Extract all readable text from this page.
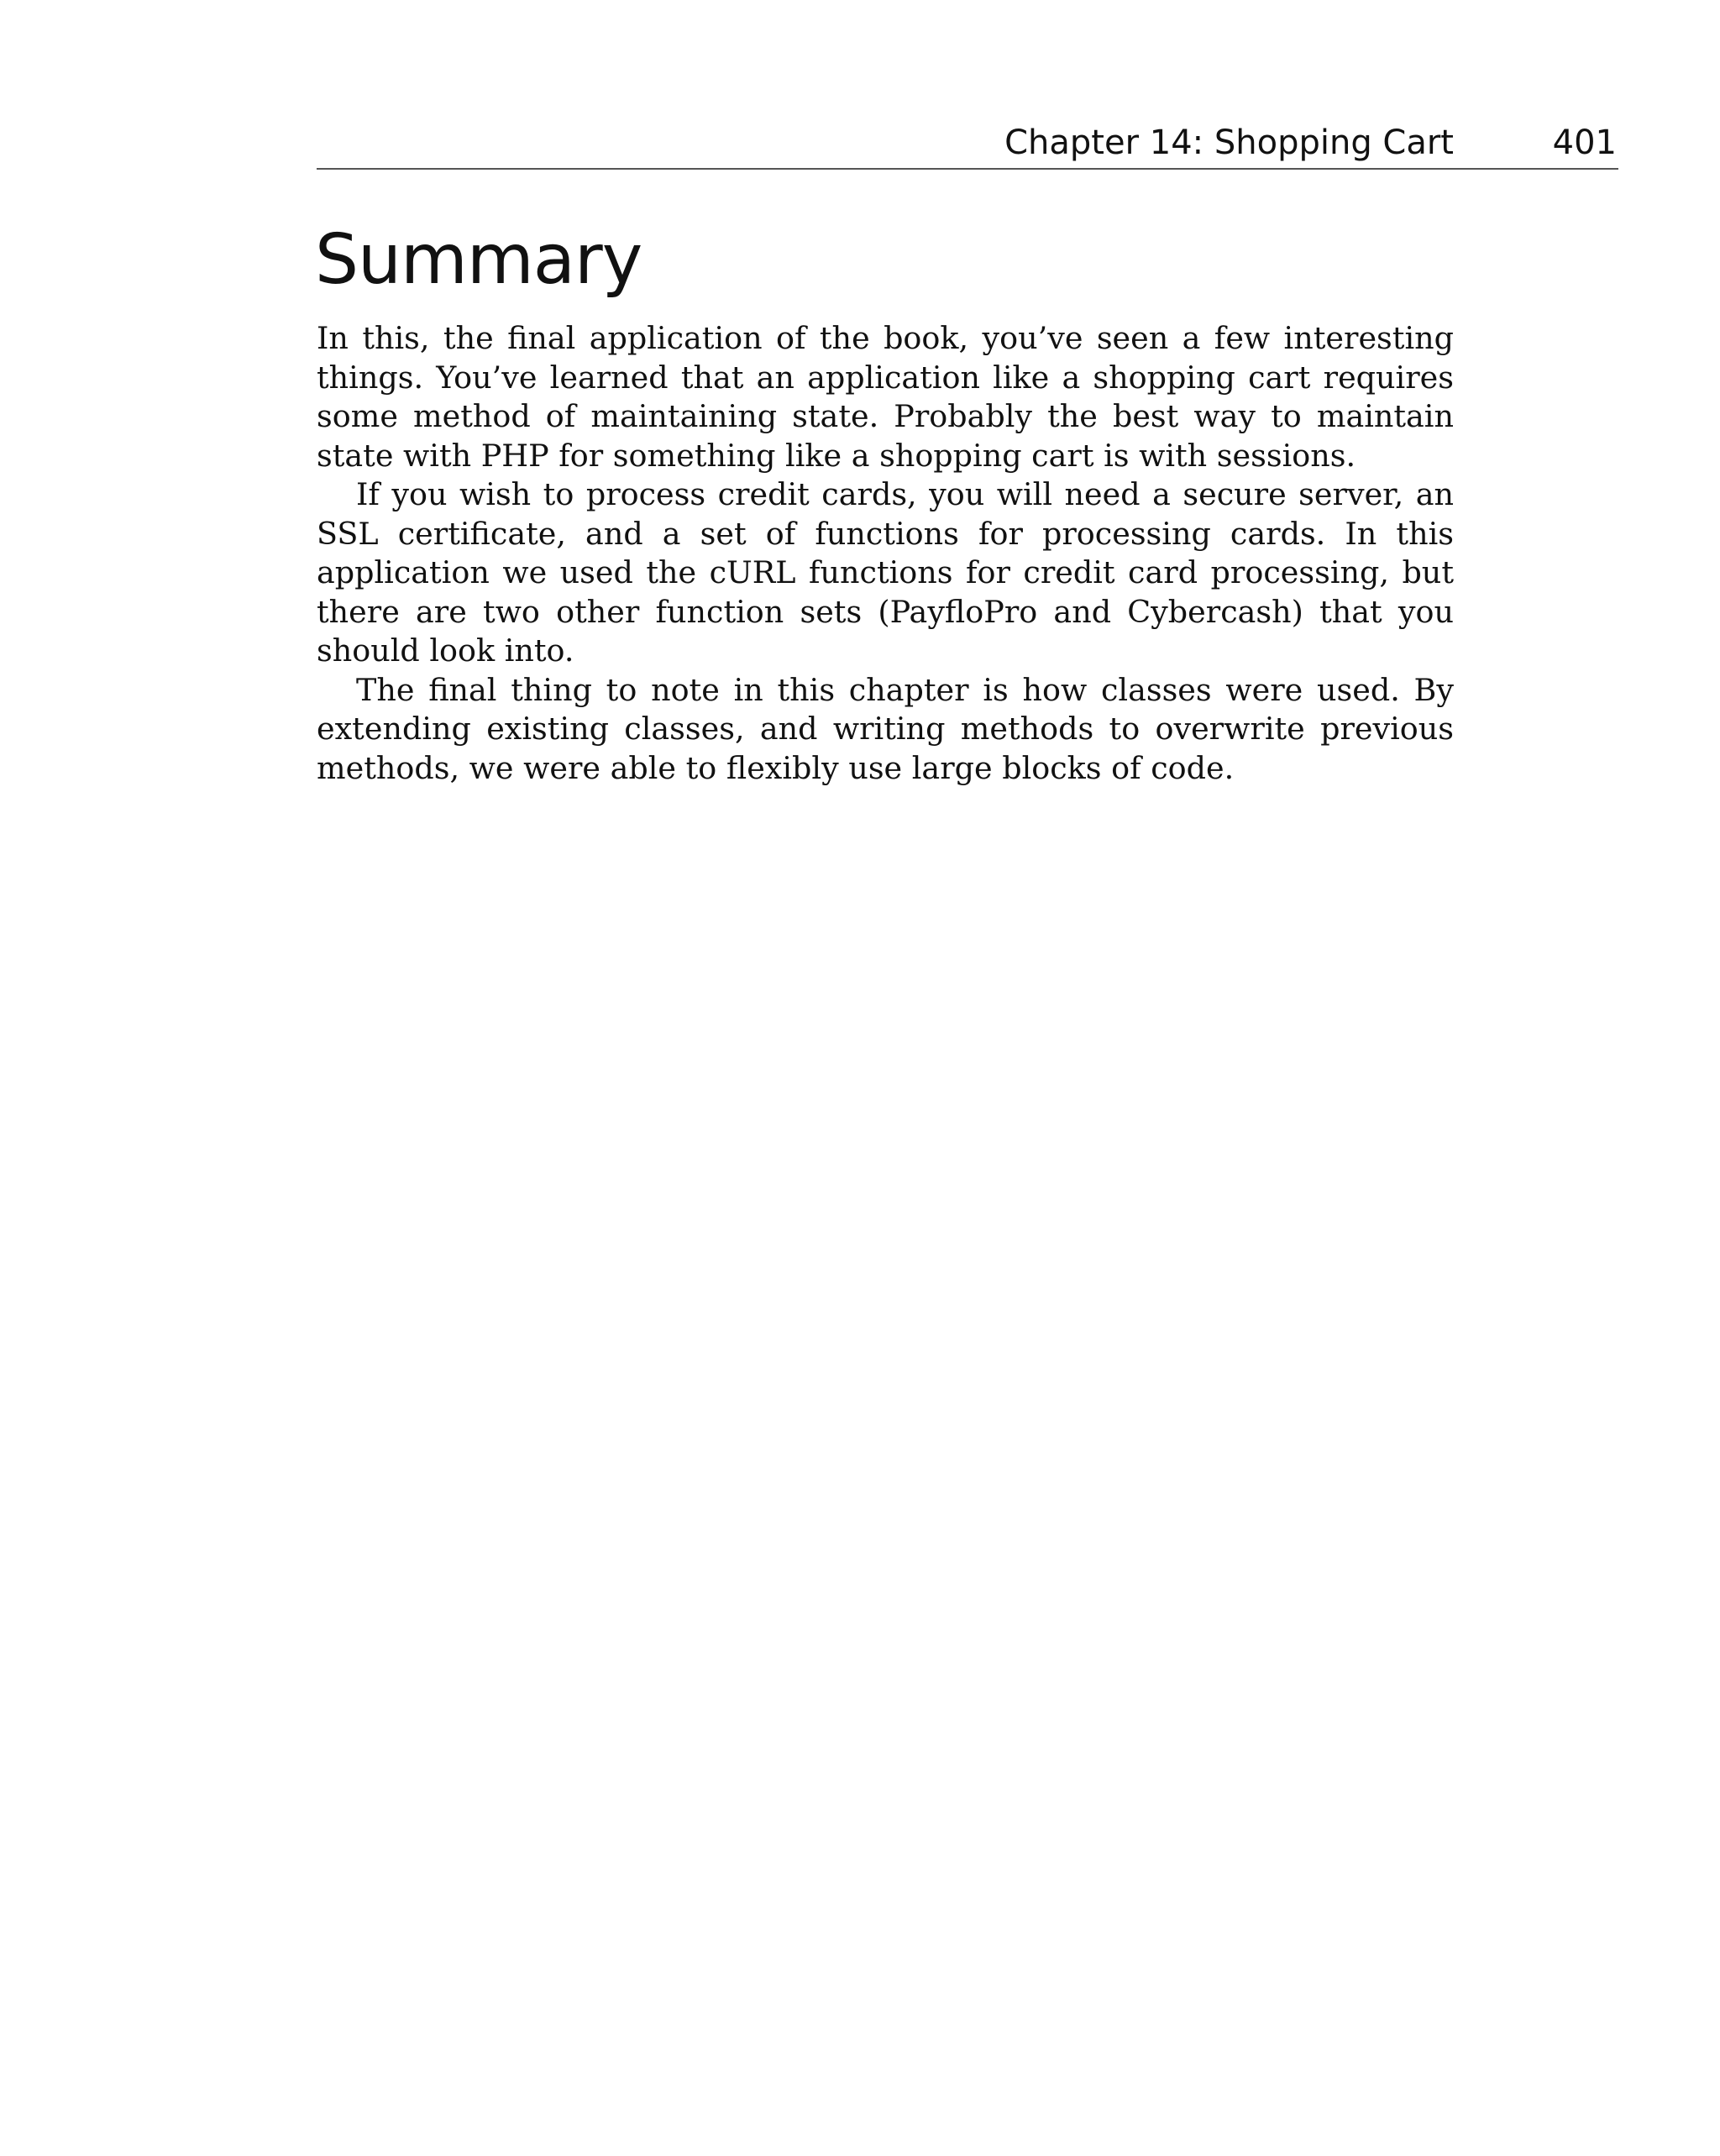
Chapter 14: Shopping Cart	401
Summary

In this, the final application of the book, you’ve seen a few interesting things. You’ve learned that an application like a shopping cart requires some method of maintaining state. Probably the best way to maintain state with PHP for something like a shopping cart is with sessions.

If you wish to process credit cards, you will need a secure server, an SSL certificate, and a set of functions for processing cards. In this application we used the cURL functions for credit card processing, but there are two other function sets (PayfloPro and Cybercash) that you should look into.

The final thing to note in this chapter is how classes were used. By extending existing classes, and writing methods to overwrite previous methods, we were able to flexibly use large blocks of code.
